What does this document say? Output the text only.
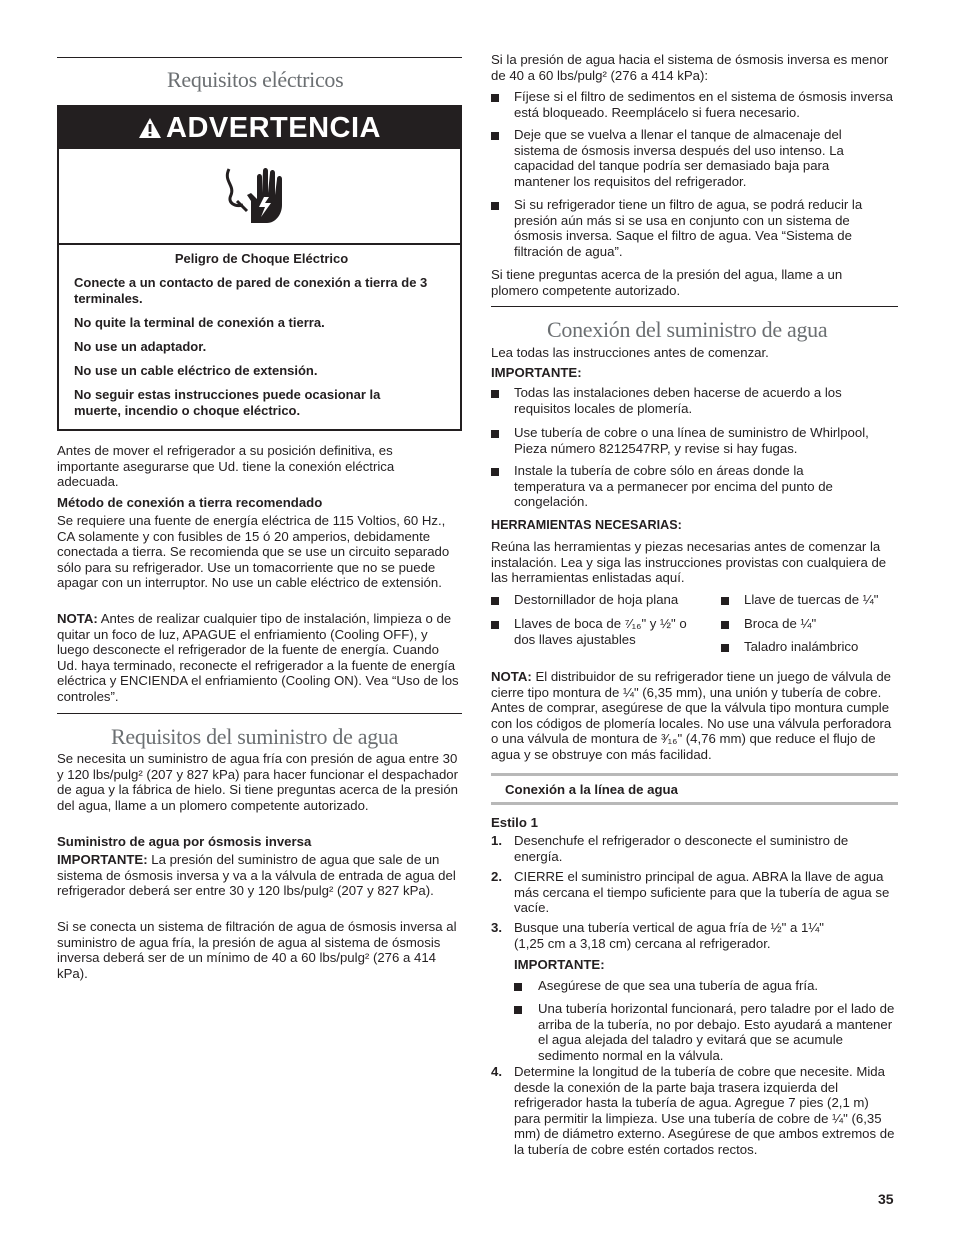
Requisitos eléctricos
ADVERTENCIA
Peligro de Choque Eléctrico
Conecte a un contacto de pared de conexión a tierra de 3 terminales.
No quite la terminal de conexión a tierra.
No use un adaptador.
No use un cable eléctrico de extensión.
No seguir estas instrucciones puede ocasionar la muerte, incendio o choque eléctrico.

Antes de mover el refrigerador a su posición definitiva, es importante asegurarse que Ud. tiene la conexión eléctrica adecuada.

Método de conexión a tierra recomendado

Se requiere una fuente de energía eléctrica de 115 Voltios, 60 Hz., CA solamente y con fusibles de 15 ó 20 amperios, debidamente conectada a tierra. Se recomienda que se use un circuito separado sólo para su refrigerador. Use un tomacorriente que no se puede apagar con un interruptor. No use un cable eléctrico de extensión.

NOTA: Antes de realizar cualquier tipo de instalación, limpieza o de quitar un foco de luz, APAGUE el enfriamiento (Cooling OFF), y luego desconecte el refrigerador de la fuente de energía. Cuando Ud. haya terminado, reconecte el refrigerador a la fuente de energía eléctrica y ENCIENDA el enfriamiento (Cooling ON). Vea “Uso de los controles”.

Requisitos del suministro de agua

Se necesita un suministro de agua fría con presión de agua entre 30 y 120 lbs/pulg² (207 y 827 kPa) para hacer funcionar el despachador de agua y la fábrica de hielo. Si tiene preguntas acerca de la presión del agua, llame a un plomero competente autorizado.

Suministro de agua por ósmosis inversa

IMPORTANTE: La presión del suministro de agua que sale de un sistema de ósmosis inversa y va a la válvula de entrada de agua del refrigerador deberá ser entre 30 y 120 lbs/pulg² (207 y 827 kPa).

Si se conecta un sistema de filtración de agua de ósmosis inversa al suministro de agua fría, la presión de agua al sistema de ósmosis inversa deberá ser de un mínimo de 40 a 60 lbs/pulg² (276 a 414 kPa).

Si la presión de agua hacia el sistema de ósmosis inversa es menor de 40 a 60 lbs/pulg² (276 a 414 kPa):

Fíjese si el filtro de sedimentos en el sistema de ósmosis inversa está bloqueado. Reemplácelo si fuera necesario.

Deje que se vuelva a llenar el tanque de almacenaje del sistema de ósmosis inversa después del uso intenso. La capacidad del tanque podría ser demasiado baja para mantener los requisitos del refrigerador.

Si su refrigerador tiene un filtro de agua, se podrá reducir la presión aún más si se usa en conjunto con un sistema de ósmosis inversa. Saque el filtro de agua. Vea “Sistema de filtración de agua”.

Si tiene preguntas acerca de la presión del agua, llame a un plomero competente autorizado.

Conexión del suministro de agua

Lea todas las instrucciones antes de comenzar.

IMPORTANTE:

Todas las instalaciones deben hacerse de acuerdo a los requisitos locales de plomería.

Use tubería de cobre o una línea de suministro de Whirlpool, Pieza número 8212547RP, y revise si hay fugas.

Instale la tubería de cobre sólo en áreas donde la temperatura va a permanecer por encima del punto de congelación.

HERRAMIENTAS NECESARIAS:

Reúna las herramientas y piezas necesarias antes de comenzar la instalación. Lea y siga las instrucciones provistas con cualquiera de las herramientas enlistadas aquí.

Destornillador de hoja plana

Llaves de boca de ⁷⁄₁₆" y ½" o dos llaves ajustables

Llave de tuercas de ¼"

Broca de ¼"

Taladro inalámbrico

NOTA: El distribuidor de su refrigerador tiene un juego de válvula de cierre tipo montura de ¼" (6,35 mm), una unión y tubería de cobre. Antes de comprar, asegúrese de que la válvula tipo montura cumple con los códigos de plomería locales. No use una válvula perforadora o una válvula de montura de ³⁄₁₆" (4,76 mm) que reduce el flujo de agua y se obstruye con más facilidad.

Conexión a la línea de agua

Estilo 1

1. Desenchufe el refrigerador o desconecte el suministro de energía.

2. CIERRE el suministro principal de agua. ABRA la llave de agua más cercana el tiempo suficiente para que la tubería de agua se vacíe.

3. Busque una tubería vertical de agua fría de ½" a 1¼" (1,25 cm a 3,18 cm) cercana al refrigerador.

IMPORTANTE:

Asegúrese de que sea una tubería de agua fría.

Una tubería horizontal funcionará, pero taladre por el lado de arriba de la tubería, no por debajo. Esto ayudará a mantener el agua alejada del taladro y evitará que se acumule sedimento normal en la válvula.

4. Determine la longitud de la tubería de cobre que necesite. Mida desde la conexión de la parte baja trasera izquierda del refrigerador hasta la tubería de agua. Agregue 7 pies (2,1 m) para permitir la limpieza. Use una tubería de cobre de ¼" (6,35 mm) de diámetro externo. Asegúrese de que ambos extremos de la tubería de cobre estén cortados rectos.

35
